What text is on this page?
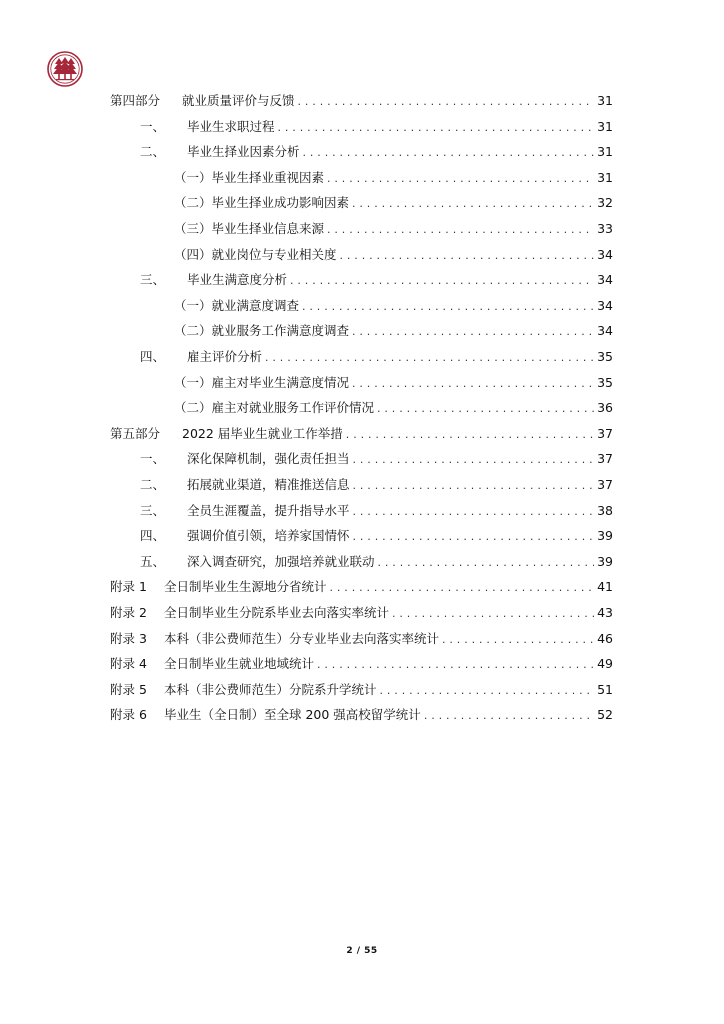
第四部分	就业质量评价与反馈 . . .	31
一、	毕业生求职过程 . . .	31
二、	毕业生择业因素分析 . . .	31
（一）毕业生择业重视因素 . . .	31
（二）毕业生择业成功影响因素 . . .	32
（三）毕业生择业信息来源 . . .	33
（四）就业岗位与专业相关度 . . .	34
三、	毕业生满意度分析 . . .	34
（一）就业满意度调查 . . .	34
（二）就业服务工作满意度调查 . . .	34
四、	雇主评价分析 . . .	35
（一）雇主对毕业生满意度情况 . . .	35
（二）雇主对就业服务工作评价情况 . . .	36
第五部分	2022 届毕业生就业工作举措 . . .	37
一、	深化保障机制，强化责任担当 . . .	37
二、	拓展就业渠道，精准推送信息 . . .	37
三、	全员生涯覆盖，提升指导水平 . . .	38
四、	强调价值引领，培养家国情怀 . . .	39
五、	深入调查研究，加强培养就业联动 . . .	39
附录 1	全日制毕业生生源地分省统计 . . .	41
附录 2	全日制毕业生分院系毕业去向落实率统计 . . .	43
附录 3	本科（非公费师范生）分专业毕业去向落实率统计 . . .	46
附录 4	全日制毕业生就业地域统计 . . .	49
附录 5	本科（非公费师范生）分院系升学统计 . . .	51
附录 6	毕业生（全日制）至全球 200 强高校留学统计 . . .	52
2 / 55
